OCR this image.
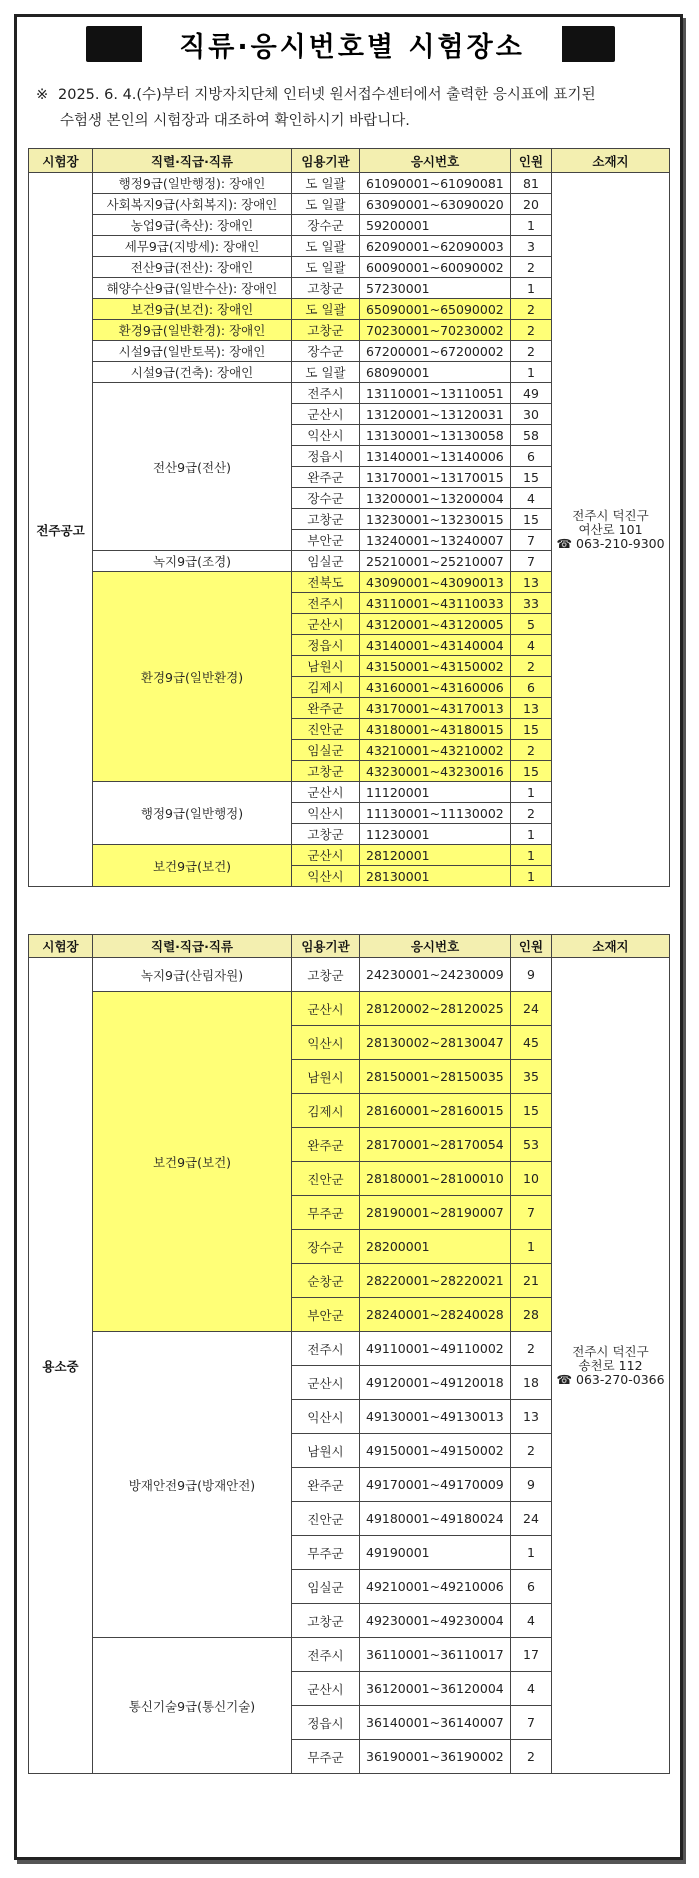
직류·응시번호별 시험장소
※ 2025. 6. 4.(수)부터 지방자치단체 인터넷 원서접수센터에서 출력한 응시표에 표기된
수험생 본인의 시험장과 대조하여 확인하시기 바랍니다.
시험장	직렬·직급·직류	임용기관	응시번호	인원	소재지
전주공고	행정9급(일반행정): 장애인	도 일괄	61090001~61090081	81	전주시 덕진구
여산로 101
☎ 063-210-9300

	사회복지9급(사회복지): 장애인	도 일괄	63090001~63090020	20	
	농업9급(축산): 장애인	장수군	59200001	1	
	세무9급(지방세): 장애인	도 일괄	62090001~62090003	3	
	전산9급(전산): 장애인	도 일괄	60090001~60090002	2	
	해양수산9급(일반수산): 장애인	고창군	57230001	1	
	보건9급(보건): 장애인	도 일괄	65090001~65090002	2	
	환경9급(일반환경): 장애인	고창군	70230001~70230002	2	
	시설9급(일반토목): 장애인	장수군	67200001~67200002	2	
	시설9급(건축): 장애인	도 일괄	68090001	1	
	전산9급(전산)	전주시	13110001~13110051	49	
		군산시	13120001~13120031	30	
		익산시	13130001~13130058	58	
		정읍시	13140001~13140006	6	
		완주군	13170001~13170015	15	
		장수군	13200001~13200004	4	
		고창군	13230001~13230015	15	
		부안군	13240001~13240007	7	
	녹지9급(조경)	임실군	25210001~25210007	7	
	환경9급(일반환경)	전북도	43090001~43090013	13	
		전주시	43110001~43110033	33	
		군산시	43120001~43120005	5	
		정읍시	43140001~43140004	4	
		남원시	43150001~43150002	2	
		김제시	43160001~43160006	6	
		완주군	43170001~43170013	13	
		진안군	43180001~43180015	15	
		임실군	43210001~43210002	2	
		고창군	43230001~43230016	15	
	행정9급(일반행정)	군산시	11120001	1	
		익산시	11130001~11130002	2	
		고창군	11230001	1	
	보건9급(보건)	군산시	28120001	1	
		익산시	28130001	1	
시험장	직렬·직급·직류	임용기관	응시번호	인원	소재지
용소중	녹지9급(산림자원)	고창군	24230001~24230009	9	전주시 덕진구
송천로 112
☎ 063-270-0366

	보건9급(보건)	군산시	28120002~28120025	24	
		익산시	28130002~28130047	45	
		남원시	28150001~28150035	35	
		김제시	28160001~28160015	15	
		완주군	28170001~28170054	53	
		진안군	28180001~28100010	10	
		무주군	28190001~28190007	7	
		장수군	28200001	1	
		순창군	28220001~28220021	21	
		부안군	28240001~28240028	28	
	방재안전9급(방재안전)	전주시	49110001~49110002	2	
		군산시	49120001~49120018	18	
		익산시	49130001~49130013	13	
		남원시	49150001~49150002	2	
		완주군	49170001~49170009	9	
		진안군	49180001~49180024	24	
		무주군	49190001	1	
		임실군	49210001~49210006	6	
		고창군	49230001~49230004	4	
	통신기술9급(통신기술)	전주시	36110001~36110017	17	
		군산시	36120001~36120004	4	
		정읍시	36140001~36140007	7	
		무주군	36190001~36190002	2	
